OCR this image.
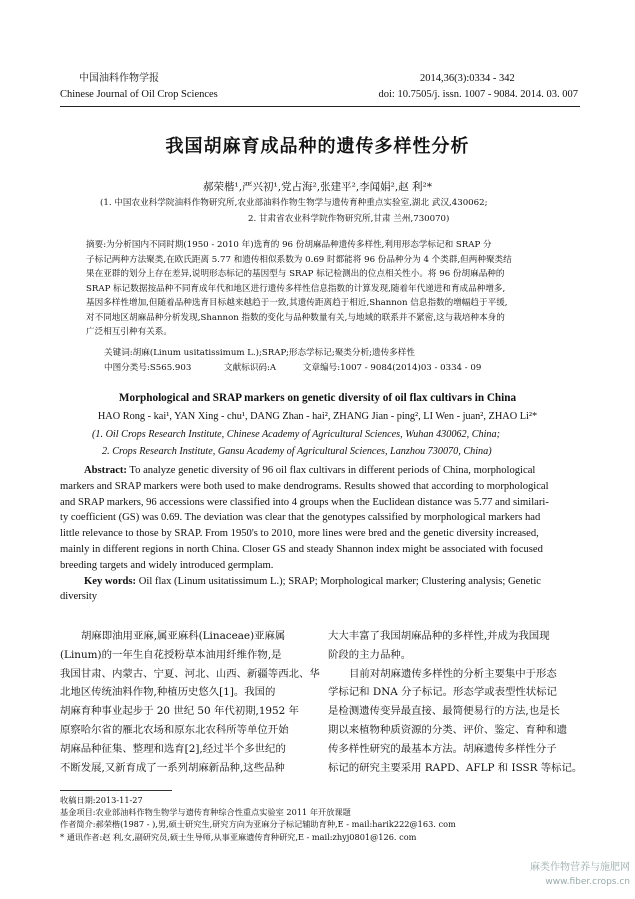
中国油料作物学报
Chinese Journal of Oil Crop Sciences
2014,36(3):0334 - 342
doi: 10.7505/j. issn. 1007 - 9084. 2014. 03. 007
我国胡麻育成品种的遗传多样性分析
郝荣楷¹,严兴初¹,党占海²,张建平²,李闻娟²,赵 利²*
(1. 中国农业科学院油料作物研究所,农业部油料作物生物学与遗传育种重点实验室,湖北 武汉,430062;
2. 甘肃省农业科学院作物研究所,甘肃 兰州,730070)
摘要:为分析国内不同时期(1950 - 2010 年)选育的 96 份胡麻品种遗传多样性,利用形态学标记和 SRAP 分
子标记两种方法聚类,在欧氏距离 5.77 和遗传相似系数为 0.69 时都能将 96 份品种分为 4 个类群,但两种聚类结
果在亚群的划分上存在差异,说明形态标记的基因型与 SRAP 标记检测出的位点相关性小。将 96 份胡麻品种的
SRAP 标记数据按品种不同育成年代和地区进行遗传多样性信息指数的计算发现,随着年代递进和育成品种增多,
基因多样性增加,但随着品种选育目标越来越趋于一致,其遗传距离趋于相近,Shannon 信息指数的增幅趋于平缓,
对不同地区胡麻品种分析发现,Shannon 指数的变化与品种数量有关,与地域的联系并不紧密,这与栽培种本身的
广泛相互引种有关系。
关键词:胡麻(Linum usitatissimum L.);SRAP;形态学标记;聚类分析;遗传多样性
中图分类号:S565.903	文献标识码:A	文章编号:1007 - 9084(2014)03 - 0334 - 09
Morphological and SRAP markers on genetic diversity of oil flax cultivars in China
HAO Rong - kai¹, YAN Xing - chu¹, DANG Zhan - hai², ZHANG Jian - ping², LI Wen - juan², ZHAO Li²*
(1. Oil Crops Research Institute, Chinese Academy of Agricultural Sciences, Wuhan 430062, China;
2. Crops Research Institute, Gansu Academy of Agricultural Sciences, Lanzhou 730070, China)
Abstract: To analyze genetic diversity of 96 oil flax cultivars in different periods of China, morphological
markers and SRAP markers were both used to make dendrograms. Results showed that according to morphological
and SRAP markers, 96 accessions were classified into 4 groups when the Euclidean distance was 5.77 and similari-
ty coefficient (GS) was 0.69. The deviation was clear that the genotypes calssified by morphological markers had
little relevance to those by SRAP. From 1950's to 2010, more lines were bred and the genetic diversity increased,
mainly in different regions in north China. Closer GS and steady Shannon index might be associated with focused
breeding targets and widely introduced germplam.
Key words: Oil flax (Linum usitatissimum L.); SRAP; Morphological marker; Clustering analysis; Genetic
diversity
胡麻即油用亚麻,属亚麻科(Linaceae)亚麻属
(Linum)的一年生自花授粉草本油用纤维作物,是
我国甘肃、内蒙古、宁夏、河北、山西、新疆等西北、华
北地区传统油料作物,种植历史悠久[1]。我国的
胡麻育种事业起步于 20 世纪 50 年代初期,1952 年
原察哈尔省的雁北农场和原东北农科所等单位开始
胡麻品种征集、整理和选育[2],经过半个多世纪的
不断发展,又新育成了一系列胡麻新品种,这些品种
大大丰富了我国胡麻品种的多样性,并成为我国现
阶段的主力品种。
目前对胡麻遗传多样性的分析主要集中于形态
学标记和 DNA 分子标记。形态学或表型性状标记
是检测遗传变异最直接、最简便易行的方法,也是长
期以来植物种质资源的分类、评价、鉴定、育种和遗
传多样性研究的最基本方法。胡麻遗传多样性分子
标记的研究主要采用 RAPD、AFLP 和 ISSR 等标记。
收稿日期:2013-11-27
基金项目:农业部油料作物生物学与遗传育种综合性重点实验室 2011 年开放课题
作者简介:郝荣楷(1987 - ),男,硕士研究生,研究方向为亚麻分子标记辅助育种,E - mail:harik222@163. com
* 通讯作者:赵 利,女,副研究员,硕士生导师,从事亚麻遗传育种研究,E - mail:zhyj0801@126. com
麻类作物营养与施肥网
www.fiber.crops.cn
